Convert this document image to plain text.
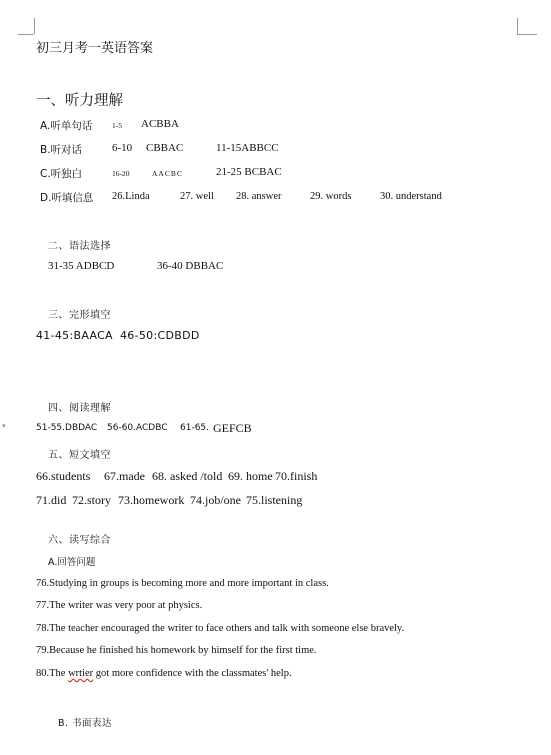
▾
初三月考一英语答案
一、听力理解
A.听单句话	1-5 ACBBA
B.听对话	6-10 CBBAC	11-15ABBCC
C.听独白	16-20	AACBC	21-25 BCBAC
D.听填信息 26.Linda	27. well 28. answer	29. words	30. understand
二、语法选择
31-35 ADBCD	36-40 DBBAC
三、完形填空
41-45:BAACA 46-50:CDBDD
四、阅读理解
51-55.DBDAC 56-60.ACDBC 61-65. GEFCB
五、短文填空
66.students 67.made 68. asked /told 69. home 70.finish
71.did 72.story 73.homework 74.job/one 75.listening
六、读写综合
A.回答问题
76.Studying in groups is becoming more and more important in class.
77.The writer was very poor at physics.
78.The teacher encouraged the writer to face others and talk with someone else bravely.
79.Because he finished his homework by himself for the first time.
80.The wrtier got more confidence with the classmates' help.
B. 书面表达
